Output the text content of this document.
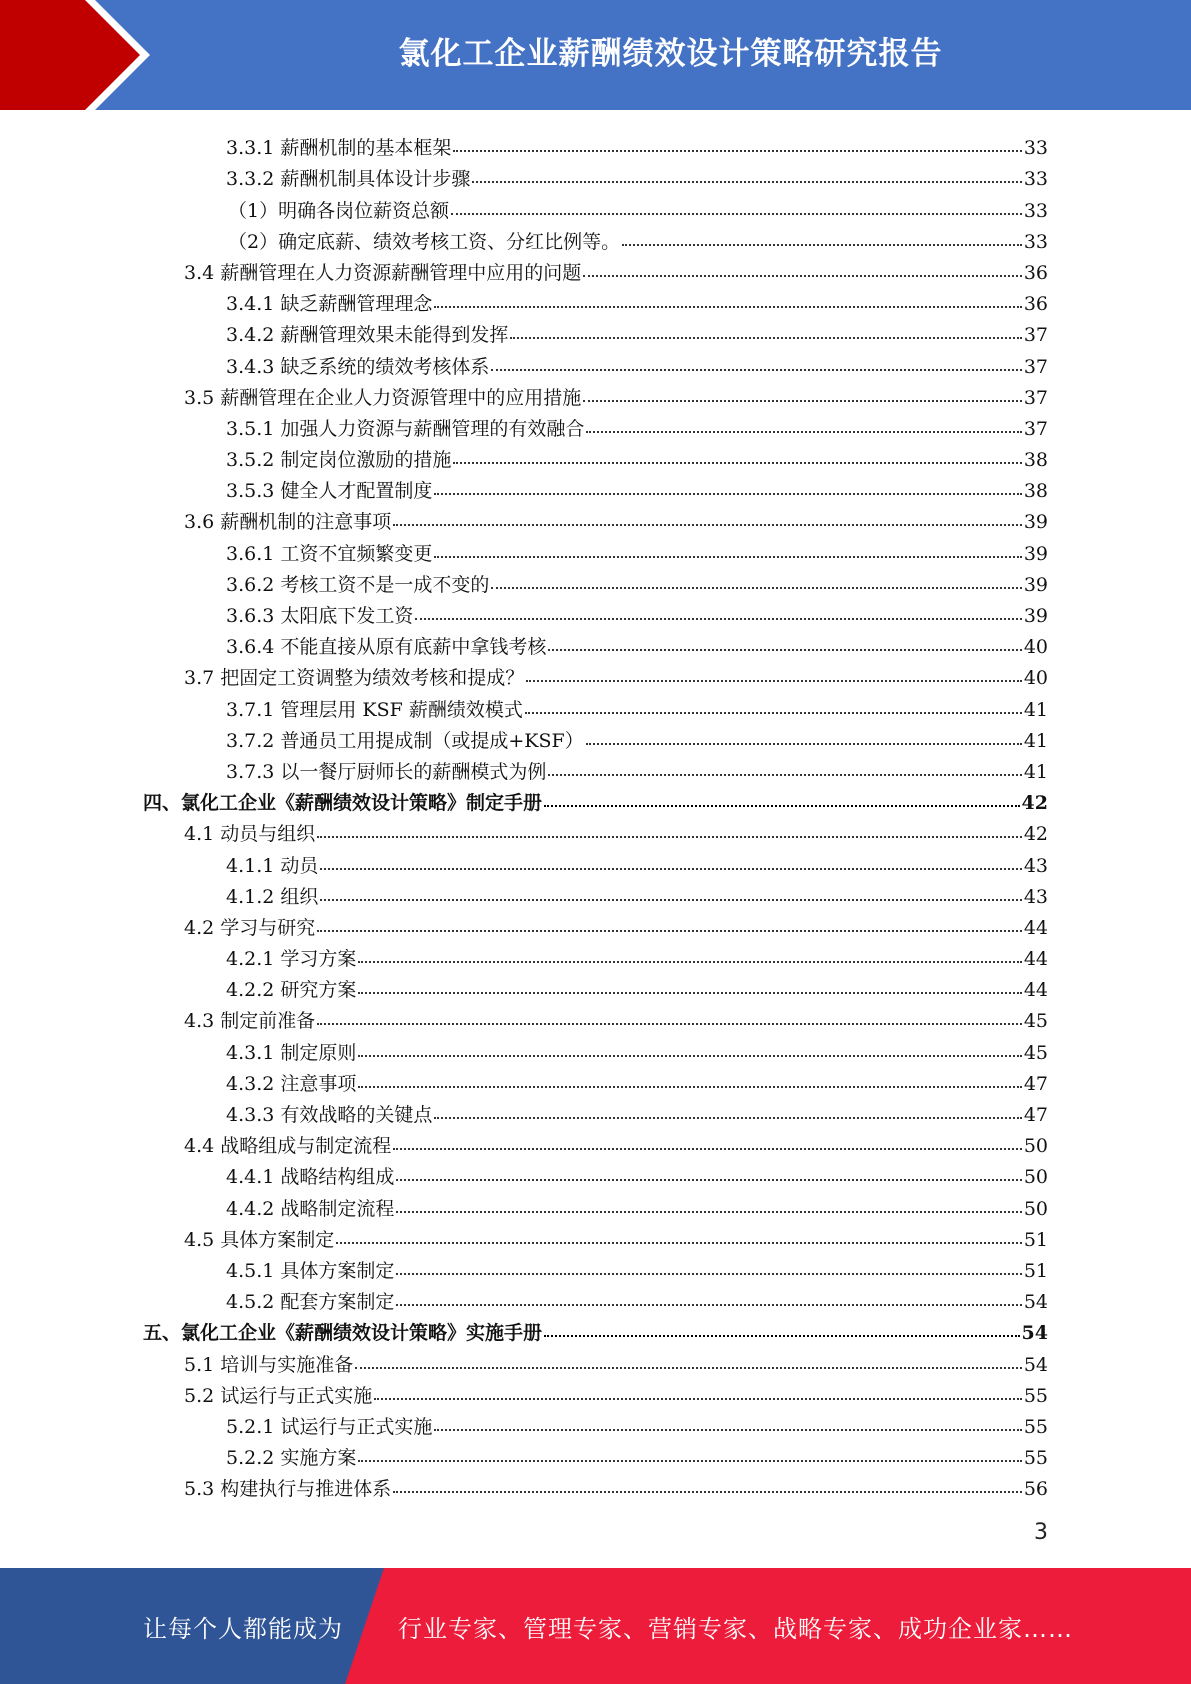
氯化工企业薪酬绩效设计策略研究报告
3.3.1 薪酬机制的基本框架	33
3.3.2 薪酬机制具体设计步骤	33
（1）明确各岗位薪资总额	33
（2）确定底薪、绩效考核工资、分红比例等。	33
3.4 薪酬管理在人力资源薪酬管理中应用的问题	36
3.4.1 缺乏薪酬管理理念	36
3.4.2 薪酬管理效果未能得到发挥	37
3.4.3 缺乏系统的绩效考核体系	37
3.5 薪酬管理在企业人力资源管理中的应用措施	37
3.5.1 加强人力资源与薪酬管理的有效融合	37
3.5.2 制定岗位激励的措施	38
3.5.3 健全人才配置制度	38
3.6 薪酬机制的注意事项	39
3.6.1 工资不宜频繁变更	39
3.6.2 考核工资不是一成不变的	39
3.6.3 太阳底下发工资	39
3.6.4 不能直接从原有底薪中拿钱考核	40
3.7 把固定工资调整为绩效考核和提成？	40
3.7.1 管理层用 KSF 薪酬绩效模式	41
3.7.2 普通员工用提成制（或提成+KSF）	41
3.7.3 以一餐厅厨师长的薪酬模式为例	41
四、氯化工企业《薪酬绩效设计策略》制定手册	42
4.1 动员与组织	42
4.1.1 动员	43
4.1.2 组织	43
4.2 学习与研究	44
4.2.1 学习方案	44
4.2.2 研究方案	44
4.3 制定前准备	45
4.3.1 制定原则	45
4.3.2 注意事项	47
4.3.3 有效战略的关键点	47
4.4 战略组成与制定流程	50
4.4.1 战略结构组成	50
4.4.2 战略制定流程	50
4.5 具体方案制定	51
4.5.1 具体方案制定	51
4.5.2 配套方案制定	54
五、氯化工企业《薪酬绩效设计策略》实施手册	54
5.1 培训与实施准备	54
5.2 试运行与正式实施	55
5.2.1 试运行与正式实施	55
5.2.2 实施方案	55
5.3 构建执行与推进体系	56
3
让每个人都能成为 行业专家、管理专家、营销专家、战略专家、成功企业家……
